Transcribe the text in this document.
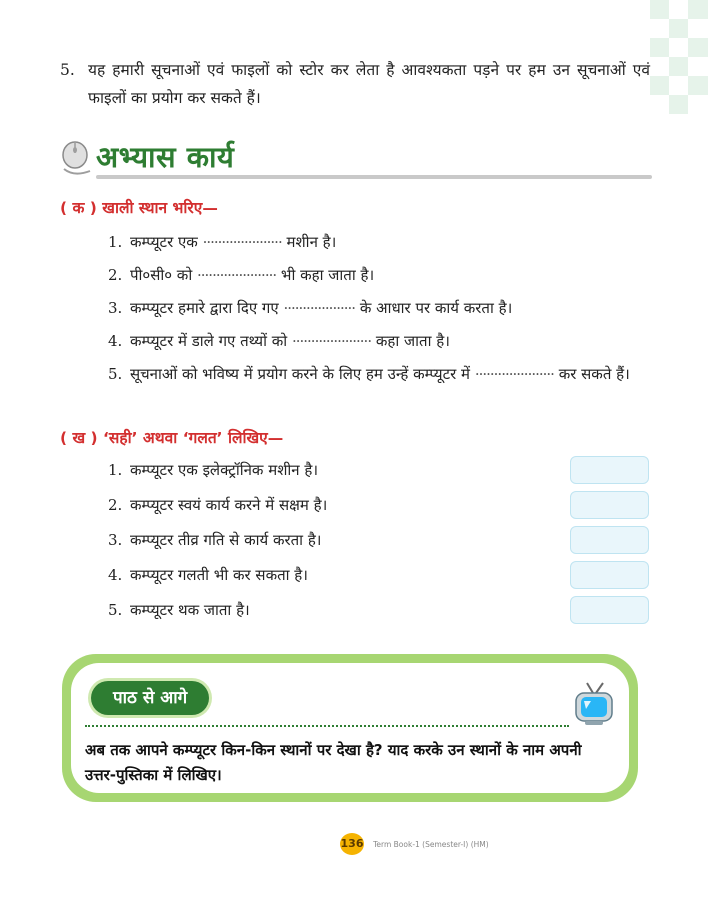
5. यह हमारी सूचनाओं एवं फाइलों को स्टोर कर लेता है आवश्यकता पड़ने पर हम उन सूचनाओं एवं फाइलों का प्रयोग कर सकते हैं।
अभ्यास कार्य
( क ) खाली स्थान भरिए—
1. कम्प्यूटर एक ····················· मशीन है।
2. पी०सी० को ····················· भी कहा जाता है।
3. कम्प्यूटर हमारे द्वारा दिए गए ··················· के आधार पर कार्य करता है।
4. कम्प्यूटर में डाले गए तथ्यों को ····················· कहा जाता है।
5. सूचनाओं को भविष्य में प्रयोग करने के लिए हम उन्हें कम्प्यूटर में ····················· कर सकते हैं।
( ख ) ‘सही’ अथवा ‘गलत’ लिखिए—
1. कम्प्यूटर एक इलेक्ट्रॉनिक मशीन है।
2. कम्प्यूटर स्वयं कार्य करने में सक्षम है।
3. कम्प्यूटर तीव्र गति से कार्य करता है।
4. कम्प्यूटर गलती भी कर सकता है।
5. कम्प्यूटर थक जाता है।
पाठ से आगे
अब तक आपने कम्प्यूटर किन-किन स्थानों पर देखा है? याद करके उन स्थानों के नाम अपनी उत्तर-पुस्तिका में लिखिए।
136 Term Book-1 (Semester-I) (HM)
